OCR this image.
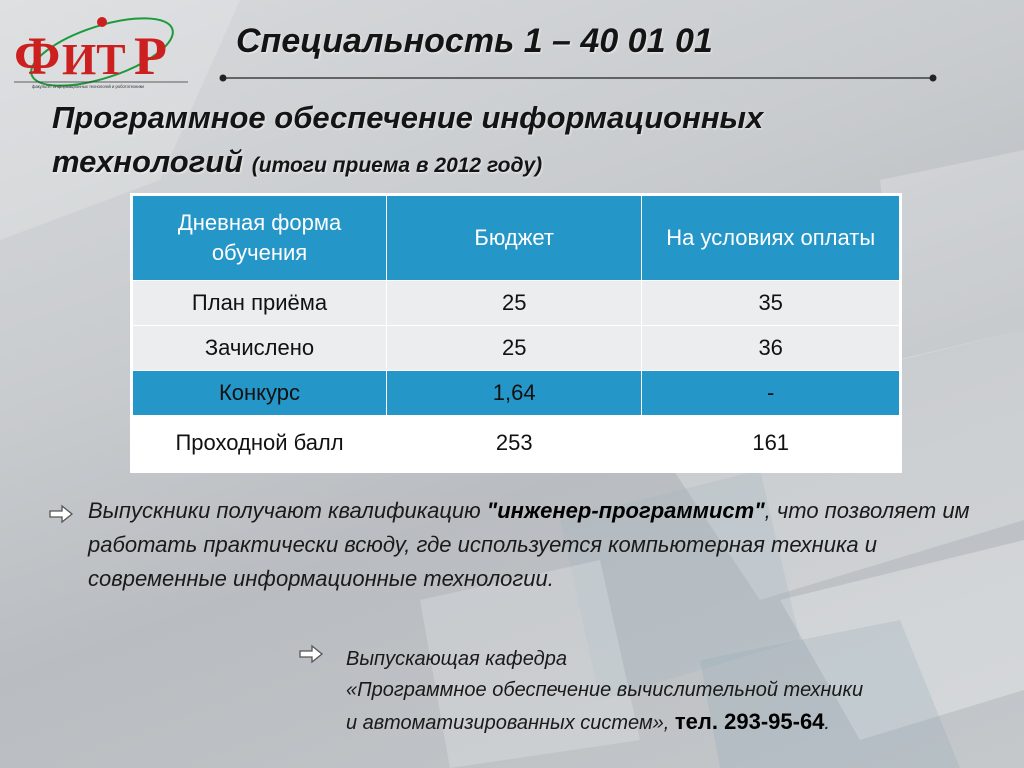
Ф ИТ Р
факультет информационных технологий и робототехники
Специальность 1 – 40 01 01
Программное обеспечение информационных технологий (итоги приема в 2012 году)
Дневная форма обучения	Бюджет	На условиях оплаты
План приёма	25	35
Зачислено	25	36
Конкурс	1,64	-
Проходной балл	253	161

Выпускники получают квалификацию "инженер-программист", что позволяет им работать практически всюду, где используется компьютерная техника и современные информационные технологии.

Выпускающая кафедра
«Программное обеспечение вычислительной техники
и автоматизированных систем», тел. 293-95-64.
